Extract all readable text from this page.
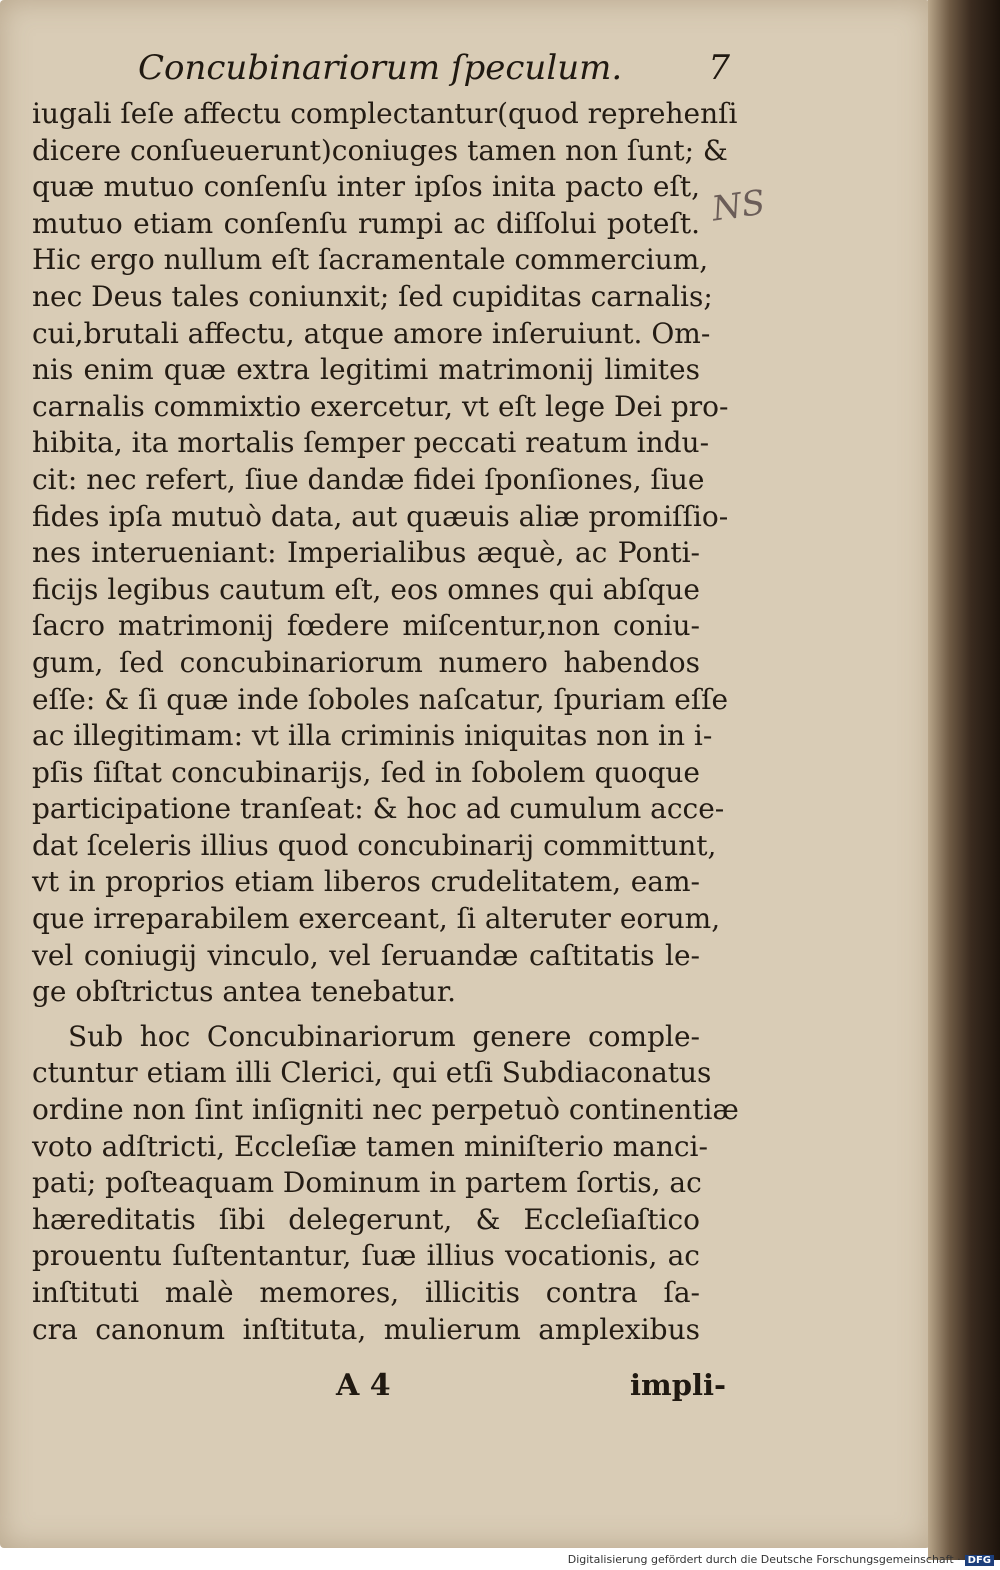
Concubinariorum ſpeculum.	7
iugali ſeſe affectu complectantur(quod reprehenſi
dicere conſueuerunt)coniuges tamen non ſunt; &
quæ mutuo conſenſu inter ipſos inita pacto eſt,
mutuo etiam conſenſu rumpi ac diſſolui poteſt.
Hic ergo nullum eſt ſacramentale commercium,
nec Deus tales coniunxit; ſed cupiditas carnalis;
cui,brutali affectu, atque amore inſeruiunt. Om-
nis enim quæ extra legitimi matrimonij limites
carnalis commixtio exercetur, vt eſt lege Dei pro-
hibita, ita mortalis ſemper peccati reatum indu-
cit: nec refert, ſiue dandæ fidei ſponſiones, ſiue
fides ipſa mutuò data, aut quæuis aliæ promiſſio-
nes interueniant: Imperialibus æquè, ac Ponti-
ficijs legibus cautum eſt, eos omnes qui abſque
ſacro matrimonij fœdere miſcentur,non coniu-
gum, ſed concubinariorum numero habendos
eſſe: & ſi quæ inde ſoboles naſcatur, ſpuriam eſſe
ac illegitimam: vt illa criminis iniquitas non in i-
pſis ſiſtat concubinarijs, ſed in ſobolem quoque
participatione tranſeat: & hoc ad cumulum acce-
dat ſceleris illius quod concubinarij committunt,
vt in proprios etiam liberos crudelitatem, eam-
que irreparabilem exerceant, ſi alteruter eorum,
vel coniugij vinculo, vel ſeruandæ caſtitatis le-
ge obſtrictus antea tenebatur.
Sub hoc Concubinariorum genere comple-
ctuntur etiam illi Clerici, qui etſi Subdiaconatus
ordine non ſint inſigniti nec perpetuò continentiæ
voto adſtricti, Eccleſiæ tamen miniſterio manci-
pati; poſteaquam Dominum in partem ſortis, ac
hæreditatis ſibi delegerunt, & Eccleſiaſtico
prouentu ſuſtentantur, ſuæ illius vocationis, ac
inſtituti malè memores, illicitis contra ſa-
cra canonum inſtituta, mulierum amplexibus
NS
A 4	impli-
Digitalisierung gefördert durch die Deutsche Forschungsgemeinschaft · DFG
